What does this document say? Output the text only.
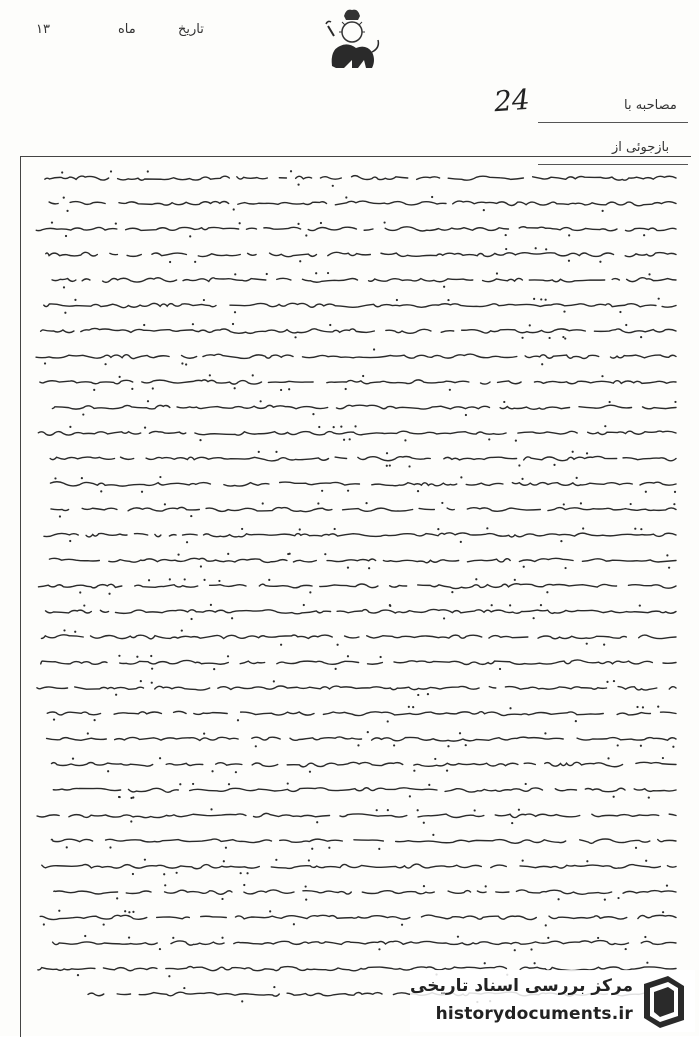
تاریخ
ماه
۱۳
24	مصاحبه با
بازجوئی از
مرکز بررسی اسناد تاریخی
historydocuments.ir
